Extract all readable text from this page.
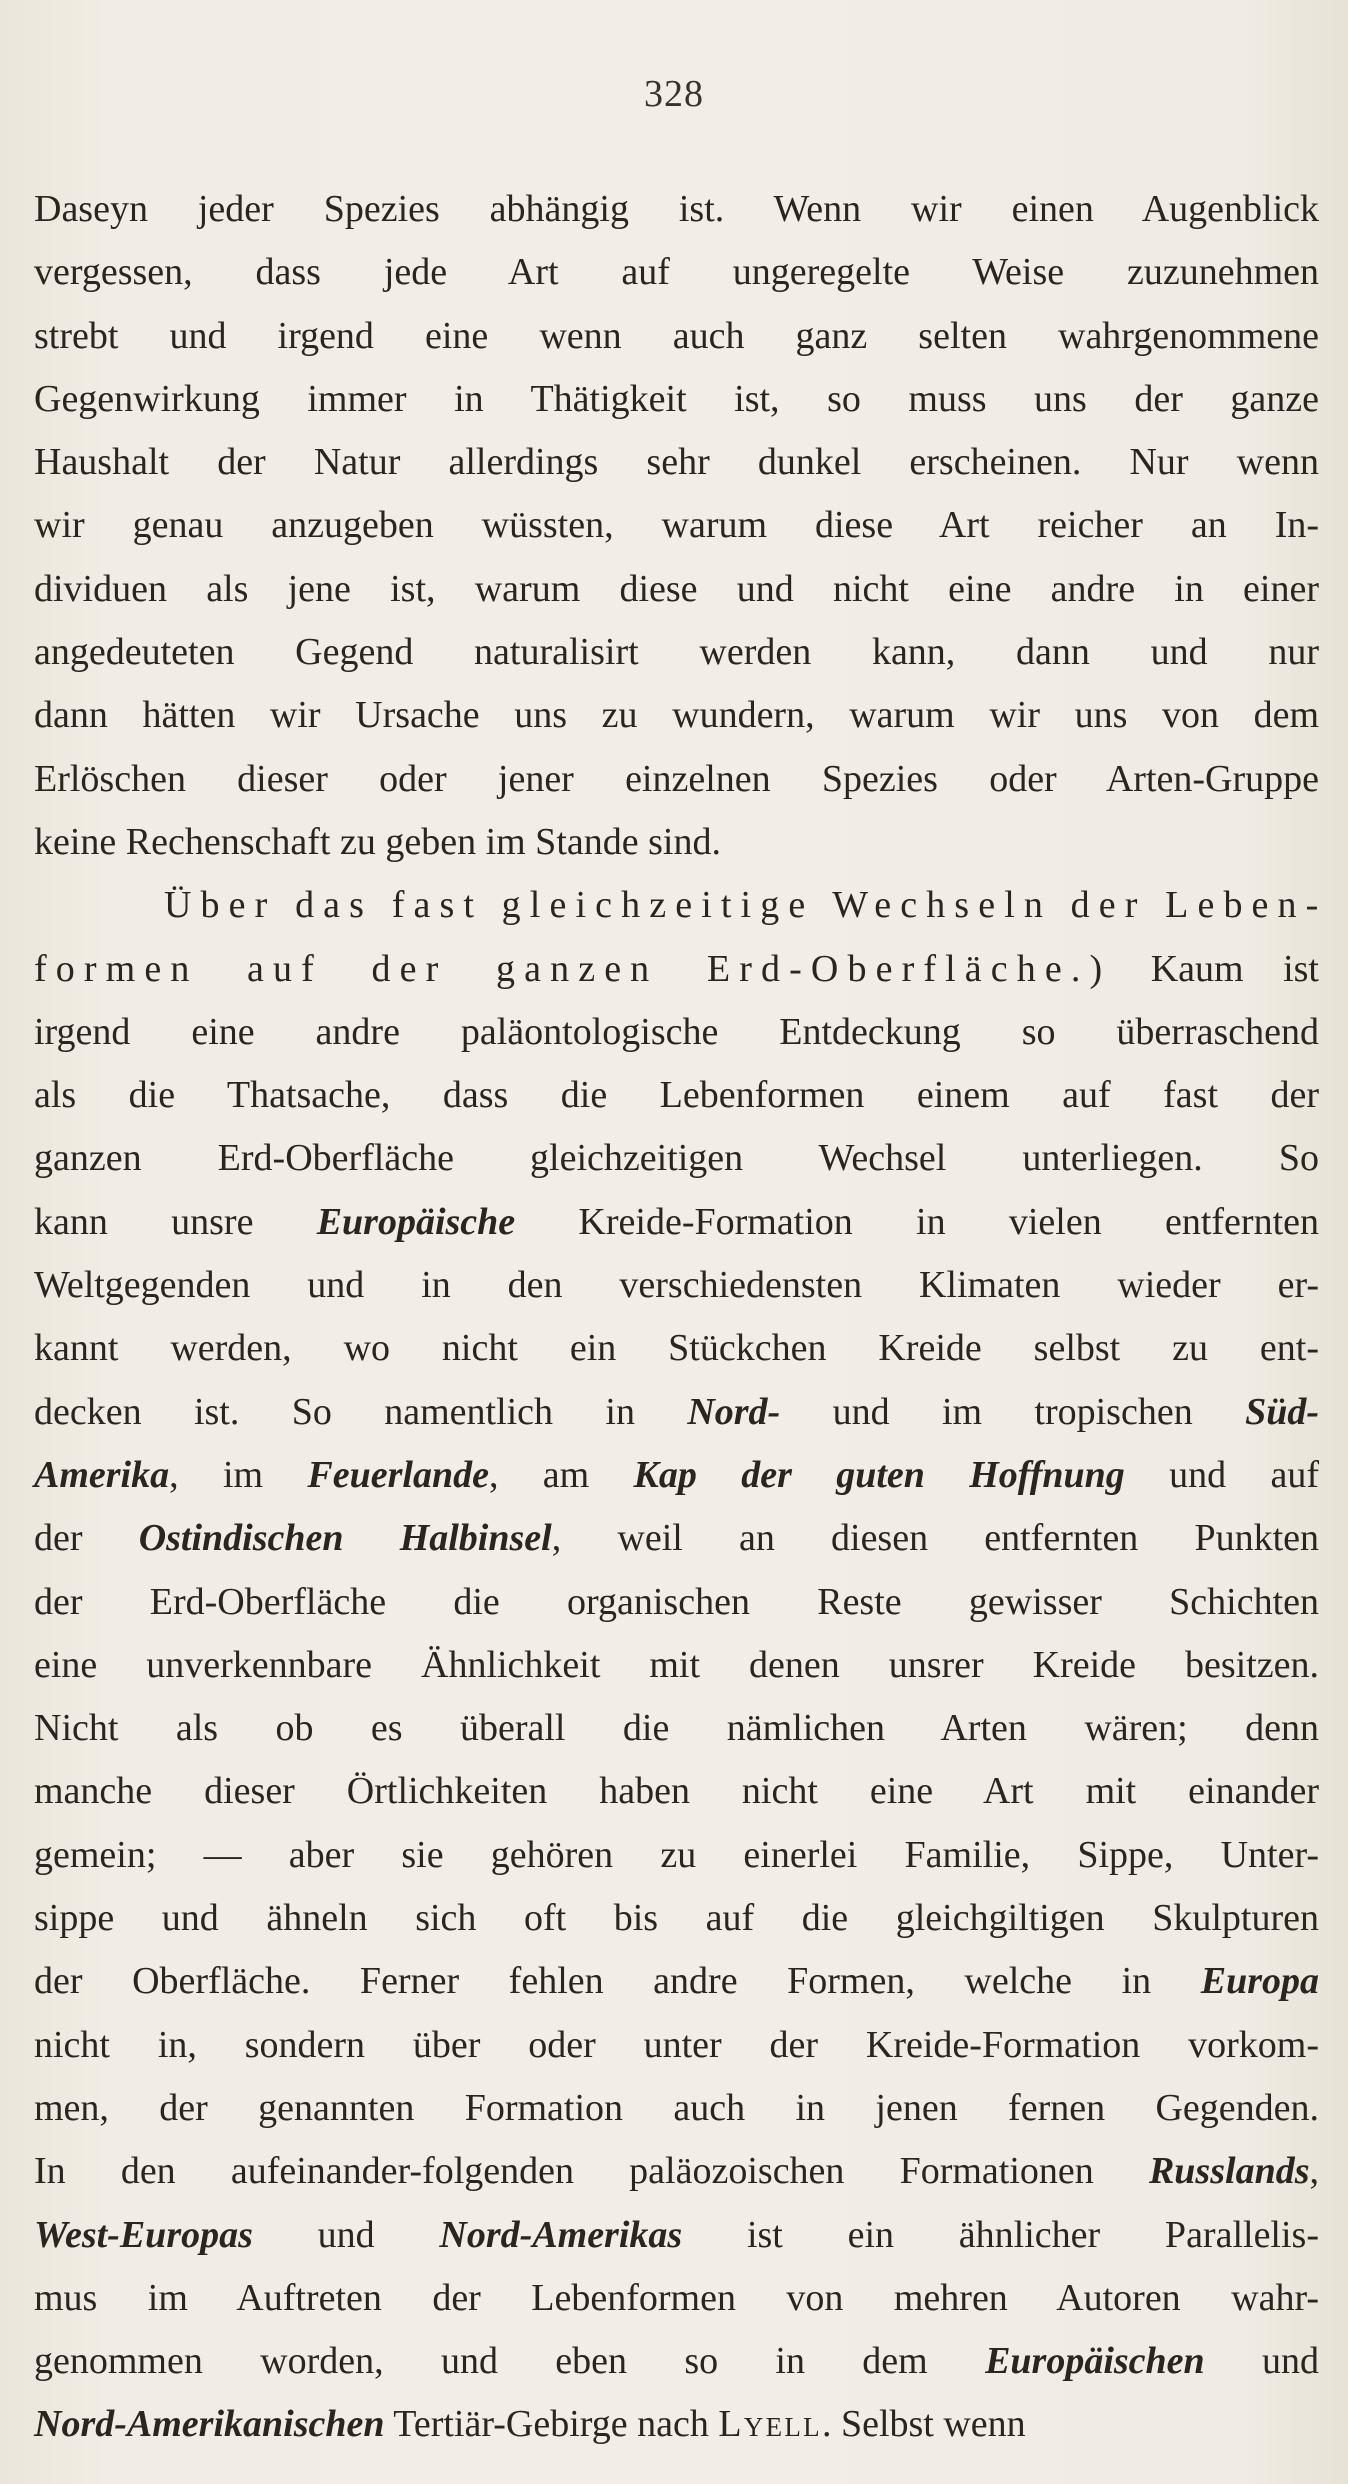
328
Daseyn jeder Spezies abhängig ist. Wenn wir einen Augenblick
vergessen, dass jede Art auf ungeregelte Weise zuzunehmen
strebt und irgend eine wenn auch ganz selten wahrgenommene
Gegenwirkung immer in Thätigkeit ist, so muss uns der ganze
Haushalt der Natur allerdings sehr dunkel erscheinen. Nur wenn
wir genau anzugeben wüssten, warum diese Art reicher an In-
dividuen als jene ist, warum diese und nicht eine andre in einer
angedeuteten Gegend naturalisirt werden kann, dann und nur
dann hätten wir Ursache uns zu wundern, warum wir uns von dem
Erlöschen dieser oder jener einzelnen Spezies oder Arten-Gruppe
keine Rechenschaft zu geben im Stande sind.
Über das fast gleichzeitige Wechseln der Leben-
formen auf der ganzen Erd-Oberfläche.) Kaum ist
irgend eine andre paläontologische Entdeckung so überraschend
als die Thatsache, dass die Lebenformen einem auf fast der
ganzen Erd-Oberfläche gleichzeitigen Wechsel unterliegen. So
kann unsre Europäische Kreide-Formation in vielen entfernten
Weltgegenden und in den verschiedensten Klimaten wieder er-
kannt werden, wo nicht ein Stückchen Kreide selbst zu ent-
decken ist. So namentlich in Nord- und im tropischen Süd-
Amerika, im Feuerlande, am Kap der guten Hoffnung und auf
der Ostindischen Halbinsel, weil an diesen entfernten Punkten
der Erd-Oberfläche die organischen Reste gewisser Schichten
eine unverkennbare Ähnlichkeit mit denen unsrer Kreide besitzen.
Nicht als ob es überall die nämlichen Arten wären; denn
manche dieser Örtlichkeiten haben nicht eine Art mit einander
gemein; — aber sie gehören zu einerlei Familie, Sippe, Unter-
sippe und ähneln sich oft bis auf die gleichgiltigen Skulpturen
der Oberfläche. Ferner fehlen andre Formen, welche in Europa
nicht in, sondern über oder unter der Kreide-Formation vorkom-
men, der genannten Formation auch in jenen fernen Gegenden.
In den aufeinander-folgenden paläozoischen Formationen Russlands,
West-Europas und Nord-Amerikas ist ein ähnlicher Parallelis-
mus im Auftreten der Lebenformen von mehren Autoren wahr-
genommen worden, und eben so in dem Europäischen und
Nord-Amerikanischen Tertiär-Gebirge nach Lyell. Selbst wenn
